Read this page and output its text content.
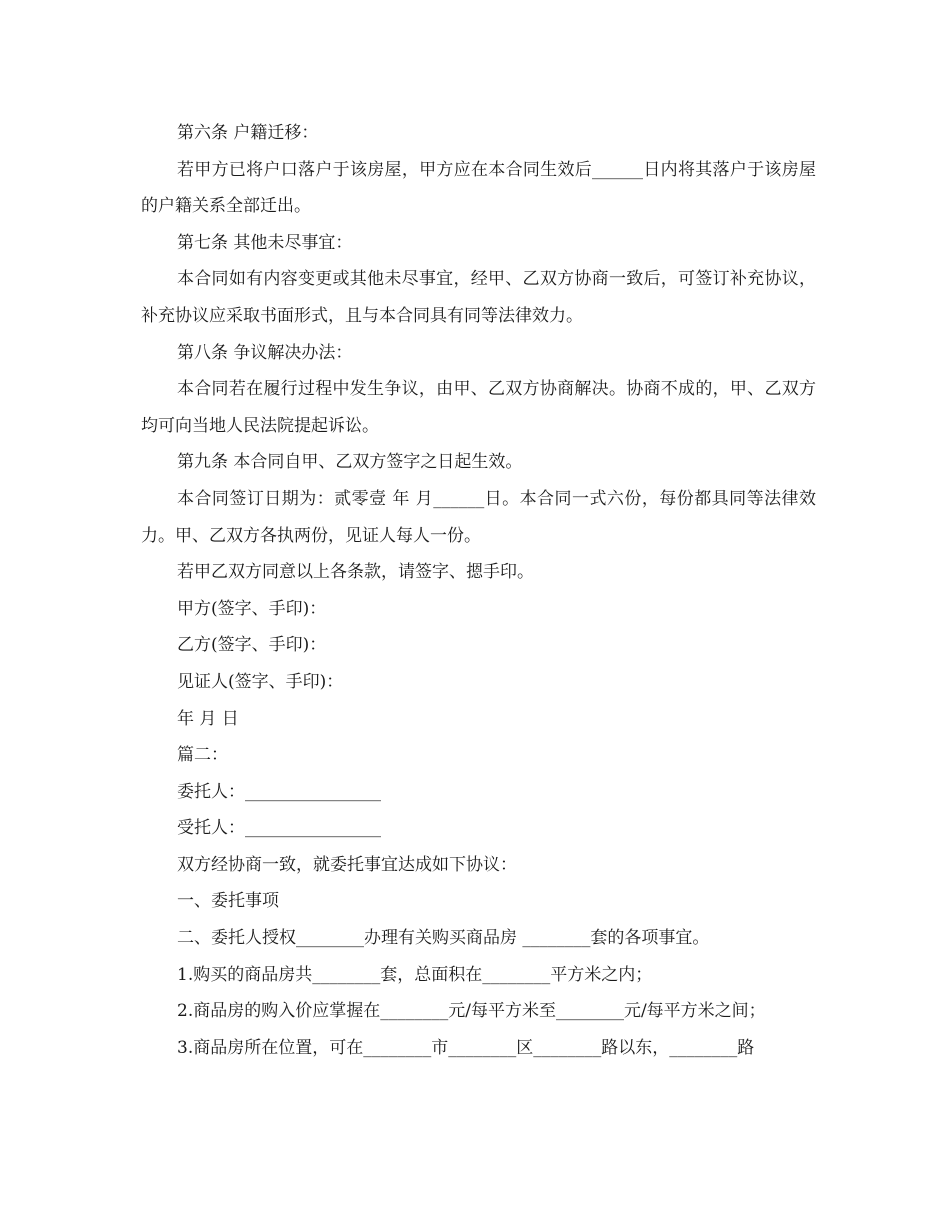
第六条 户籍迁移：

若甲方已将户口落户于该房屋，甲方应在本合同生效后______日内将其落户于该房屋的户籍关系全部迁出。

第七条 其他未尽事宜：

本合同如有内容变更或其他未尽事宜，经甲、乙双方协商一致后，可签订补充协议，补充协议应采取书面形式，且与本合同具有同等法律效力。

第八条 争议解决办法：

本合同若在履行过程中发生争议，由甲、乙双方协商解决。协商不成的，甲、乙双方均可向当地人民法院提起诉讼。

第九条 本合同自甲、乙双方签字之日起生效。

本合同签订日期为：贰零壹 年 月______日。本合同一式六份，每份都具同等法律效力。甲、乙双方各执两份，见证人每人一份。

若甲乙双方同意以上各条款，请签字、摁手印。

甲方(签字、手印)：

乙方(签字、手印)：

见证人(签字、手印)：

年 月 日

篇二：

委托人：________________

受托人：________________

双方经协商一致，就委托事宜达成如下协议：

一、委托事项

二、委托人授权________办理有关购买商品房 ________套的各项事宜。

1.购买的商品房共________套，总面积在________平方米之内；

2.商品房的购入价应掌握在________元/每平方米至________元/每平方米之间；

3.商品房所在位置，可在________市________区________路以东，________路
